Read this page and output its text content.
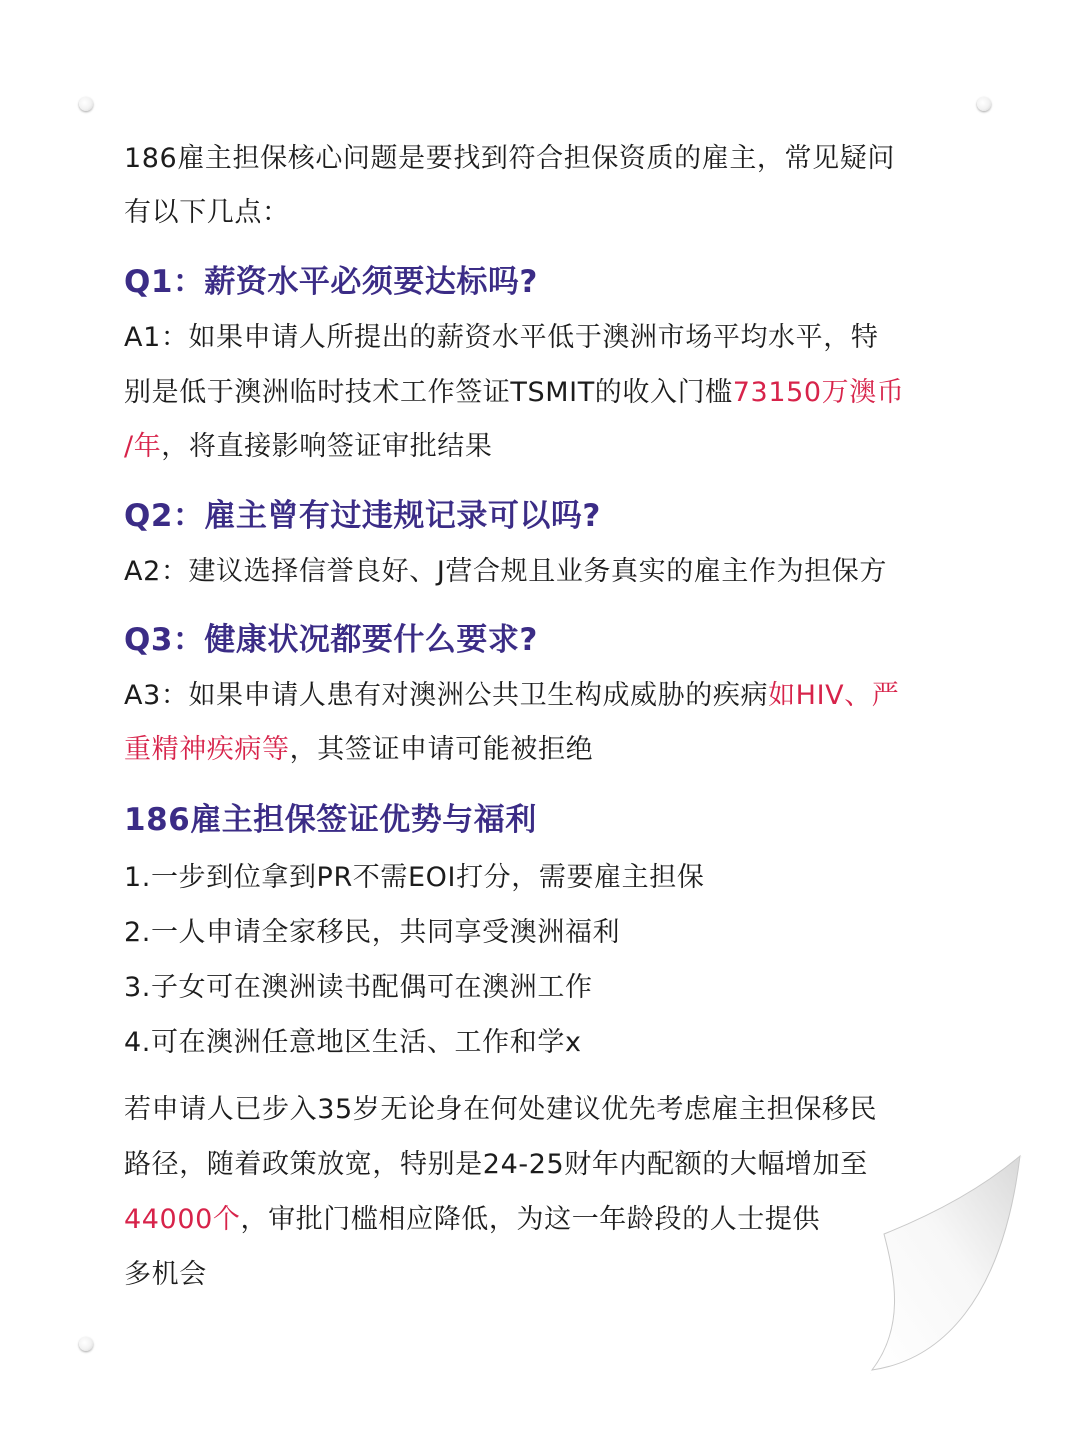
186雇主担保核心问题是要找到符合担保资质的雇主，常见疑问
有以下几点：
Q1：薪资水平必须要达标吗?
A1：如果申请人所提出的薪资水平低于澳洲市场平均水平，特
别是低于澳洲临时技术工作签证TSMIT的收入门槛73150万澳币
/年，将直接影响签证审批结果
Q2：雇主曾有过违规记录可以吗?
A2：建议选择信誉良好、J营合规且业务真实的雇主作为担保方
Q3：健康状况都要什么要求?
A3：如果申请人患有对澳洲公共卫生构成威胁的疾病如HIV、严
重精神疾病等，其签证申请可能被拒绝
186雇主担保签证优势与福利
1.一步到位拿到PR不需EOI打分，需要雇主担保
2.一人申请全家移民，共同享受澳洲福利
3.子女可在澳洲读书配偶可在澳洲工作
4.可在澳洲任意地区生活、工作和学x
若申请人已步入35岁无论身在何处建议优先考虑雇主担保移民
路径，随着政策放宽，特别是24-25财年内配额的大幅增加至
44000个，审批门槛相应降低，为这一年龄段的人士提供
多机会
